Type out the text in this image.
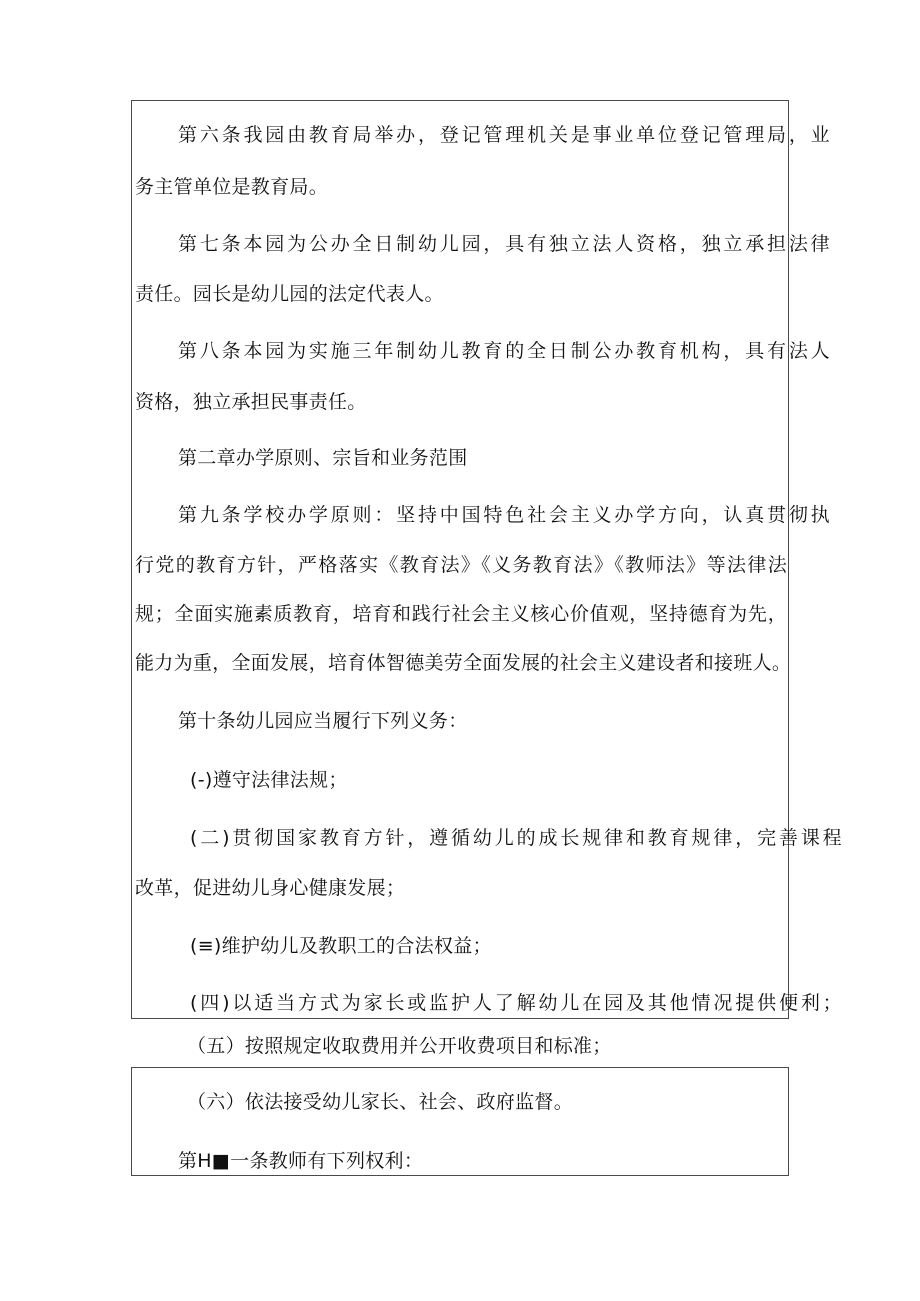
第六条我园由教育局举办，登记管理机关是事业单位登记管理局，业
务主管单位是教育局。
第七条本园为公办全日制幼儿园，具有独立法人资格，独立承担法律
责任。园长是幼儿园的法定代表人。
第八条本园为实施三年制幼儿教育的全日制公办教育机构，具有法人
资格，独立承担民事责任。
第二章办学原则、宗旨和业务范围
第九条学校办学原则：坚持中国特色社会主义办学方向，认真贯彻执
行党的教育方针，严格落实《教育法》《义务教育法》《教师法》等法律法
规；全面实施素质教育，培育和践行社会主义核心价值观，坚持德育为先，
能力为重，全面发展，培育体智德美劳全面发展的社会主义建设者和接班人。
第十条幼儿园应当履行下列义务：
(-)遵守法律法规；
(二)贯彻国家教育方针，遵循幼儿的成长规律和教育规律，完善课程
改革，促进幼儿身心健康发展；
(≡)维护幼儿及教职工的合法权益；
(四)以适当方式为家长或监护人了解幼儿在园及其他情况提供便利；
（五）按照规定收取费用并公开收费项目和标准；
（六）依法接受幼儿家长、社会、政府监督。
第H■一条教师有下列权利：
